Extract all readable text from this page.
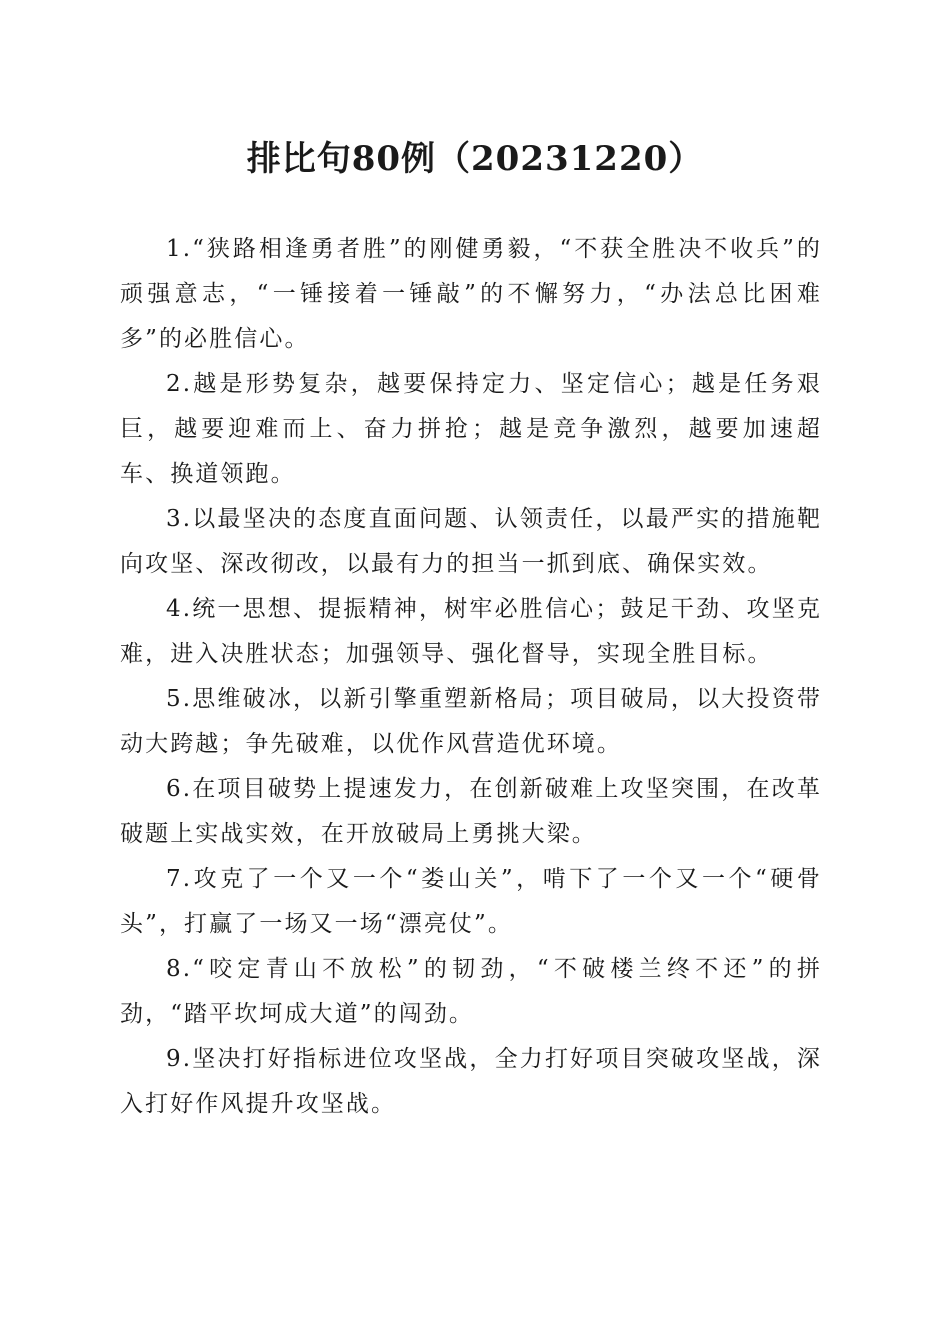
排比句80例（20231220）

1.“狭路相逢勇者胜”的刚健勇毅，“不获全胜决不收兵”的顽强意志，“一锤接着一锤敲”的不懈努力，“办法总比困难多”的必胜信心。

2.越是形势复杂，越要保持定力、坚定信心；越是任务艰巨，越要迎难而上、奋力拼抢；越是竞争激烈，越要加速超车、换道领跑。

3.以最坚决的态度直面问题、认领责任，以最严实的措施靶向攻坚、深改彻改，以最有力的担当一抓到底、确保实效。

4.统一思想、提振精神，树牢必胜信心；鼓足干劲、攻坚克难，进入决胜状态；加强领导、强化督导，实现全胜目标。

5.思维破冰，以新引擎重塑新格局；项目破局，以大投资带动大跨越；争先破难，以优作风营造优环境。

6.在项目破势上提速发力，在创新破难上攻坚突围，在改革破题上实战实效，在开放破局上勇挑大梁。

7.攻克了一个又一个“娄山关”，啃下了一个又一个“硬骨头”，打赢了一场又一场“漂亮仗”。

8.“咬定青山不放松”的韧劲，“不破楼兰终不还”的拼劲，“踏平坎坷成大道”的闯劲。

9.坚决打好指标进位攻坚战，全力打好项目突破攻坚战，深入打好作风提升攻坚战。
